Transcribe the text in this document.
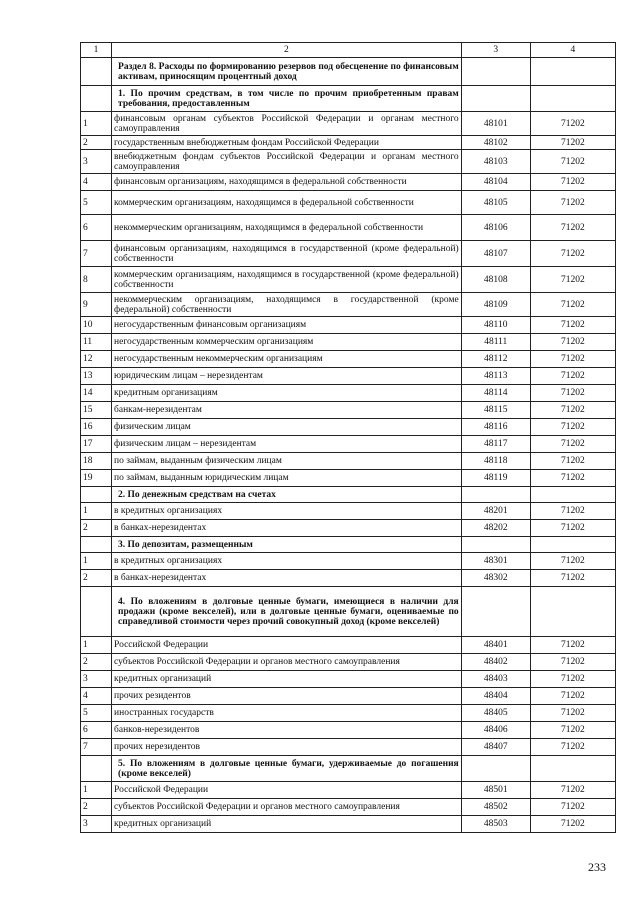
1	2	3	4

	Раздел 8. Расходы по формированию резервов под обесценение по финансовым активам, приносящим процентный доход		

	1. По прочим средствам, в том числе по прочим приобретенным правам требования, предоставленным		

1	финансовым органам субъектов Российской Федерации и органам местного самоуправления	48101	71202
2	государственным внебюджетным фондам Российской Федерации	48102	71202
3	внебюджетным фондам субъектов Российской Федерации и органам местного самоуправления	48103	71202
4	финансовым организациям, находящимся в федеральной собственности	48104	71202
5	коммерческим организациям, находящимся в федеральной собственности	48105	71202
6	некоммерческим организациям, находящимся в федеральной собственности	48106	71202
7	финансовым организациям, находящимся в государственной (кроме федеральной) собственности	48107	71202
8	коммерческим организациям, находящимся в государственной (кроме федеральной) собственности	48108	71202
9	некоммерческим организациям, находящимся в государственной (кроме федеральной) собственности	48109	71202
10	негосударственным финансовым организациям	48110	71202
11	негосударственным коммерческим организациям	48111	71202
12	негосударственным некоммерческим организациям	48112	71202
13	юридическим лицам – нерезидентам	48113	71202
14	кредитным организациям	48114	71202
15	банкам-нерезидентам	48115	71202
16	физическим лицам	48116	71202
17	физическим лицам – нерезидентам	48117	71202
18	по займам, выданным физическим лицам	48118	71202
19	по займам, выданным юридическим лицам	48119	71202

	2. По денежным средствам на счетах		

1	в кредитных организациях	48201	71202
2	в банках-нерезидентах	48202	71202

	3. По депозитам, размещенным		

1	в кредитных организациях	48301	71202
2	в банках-нерезидентах	48302	71202

	4. По вложениям в долговые ценные бумаги, имеющиеся в наличии для продажи (кроме векселей), или в долговые ценные бумаги, оцениваемые по справедливой стоимости через прочий совокупный доход (кроме векселей)		

1	Российской Федерации	48401	71202
2	субъектов Российской Федерации и органов местного самоуправления	48402	71202
3	кредитных организаций	48403	71202
4	прочих резидентов	48404	71202
5	иностранных государств	48405	71202
6	банков-нерезидентов	48406	71202
7	прочих нерезидентов	48407	71202

	5. По вложениям в долговые ценные бумаги, удерживаемые до погашения (кроме векселей)		

1	Российской Федерации	48501	71202
2	субъектов Российской Федерации и органов местного самоуправления	48502	71202
3	кредитных организаций	48503	71202
233
